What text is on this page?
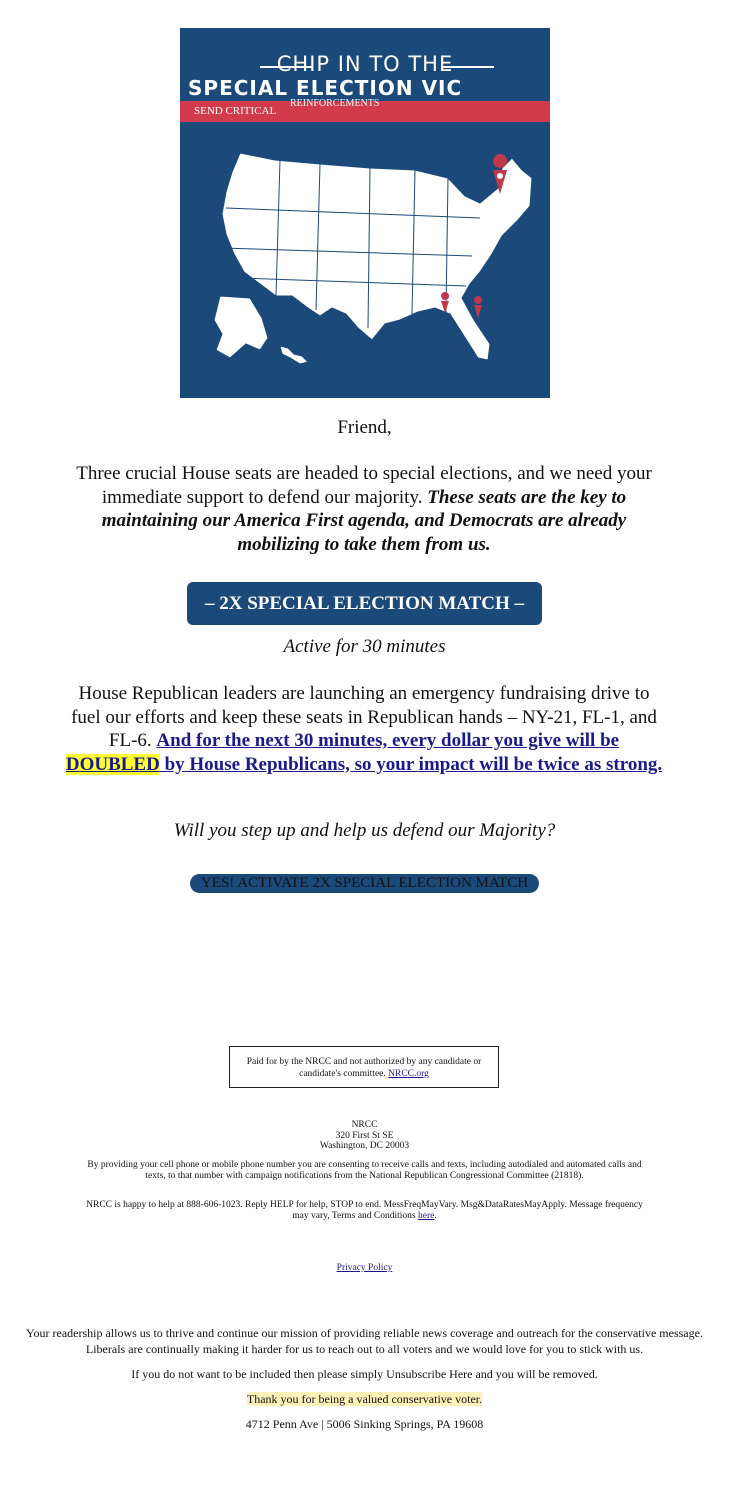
CHIP IN TO THE
SPECIAL ELECTION VIC
SEND CRITICAL
REINFORCEMENTS
Friend,
Three crucial House seats are headed to special elections, and we need your immediate support to defend our majority. These seats are the key to maintaining our America First agenda, and Democrats are already mobilizing to take them from us.
– 2X SPECIAL ELECTION MATCH –
Active for 30 minutes
House Republican leaders are launching an emergency fundraising drive to fuel our efforts and keep these seats in Republican hands – NY-21, FL-1, and FL-6. And for the next 30 minutes, every dollar you give will be DOUBLED by House Republicans, so your impact will be twice as strong.
Will you step up and help us defend our Majority?
YES! ACTIVATE 2X SPECIAL ELECTION MATCH
Paid for by the NRCC and not authorized by any candidate or candidate's committee. NRCC.org
NRCC
320 First St SE
Washington, DC 20003
By providing your cell phone or mobile phone number you are consenting to receive calls and texts, including autodialed and automated calls and texts, to that number with campaign notifications from the National Republican Congressional Committee (21818).
NRCC is happy to help at 888-606-1023. Reply HELP for help, STOP to end. MessFreqMayVary. Msg&DataRatesMayApply. Message frequency may vary, Terms and Conditions here.
Privacy Policy
Your readership allows us to thrive and continue our mission of providing reliable news coverage and outreach for the conservative message. Liberals are continually making it harder for us to reach out to all voters and we would love for you to stick with us.
If you do not want to be included then please simply Unsubscribe Here and you will be removed.
Thank you for being a valued conservative voter.
4712 Penn Ave | 5006 Sinking Springs, PA 19608
